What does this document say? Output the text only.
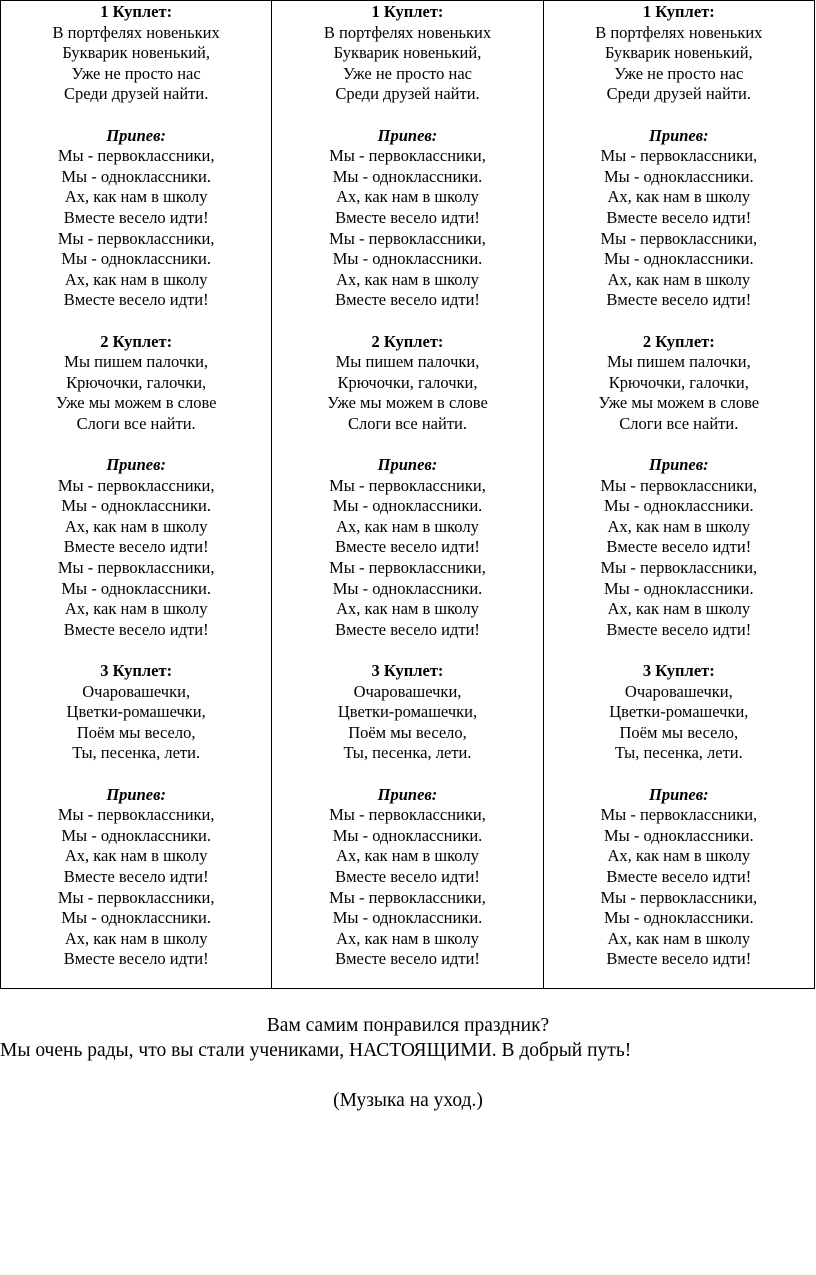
1 Куплет:
В портфелях новеньких
Букварик новенький,
Уже не просто нас
Среди друзей найти.
Припев:
Мы - первоклассники,
Мы - одноклассники.
Ах, как нам в школу
Вместе весело идти!
Мы - первоклассники,
Мы - одноклассники.
Ах, как нам в школу
Вместе весело идти!
2 Куплет:
Мы пишем палочки,
Крючочки, галочки,
Уже мы можем в слове
Слоги все найти.
Припев:
Мы - первоклассники,
Мы - одноклассники.
Ах, как нам в школу
Вместе весело идти!
Мы - первоклассники,
Мы - одноклассники.
Ах, как нам в школу
Вместе весело идти!
3 Куплет:
Очаровашечки,
Цветки-ромашечки,
Поём мы весело,
Ты, песенка, лети.
Припев:
Мы - первоклассники,
Мы - одноклассники.
Ах, как нам в школу
Вместе весело идти!
Мы - первоклассники,
Мы - одноклассники.
Ах, как нам в школу
Вместе весело идти!
1 Куплет:
В портфелях новеньких
Букварик новенький,
Уже не просто нас
Среди друзей найти.
Припев:
Мы - первоклассники,
Мы - одноклассники.
Ах, как нам в школу
Вместе весело идти!
Мы - первоклассники,
Мы - одноклассники.
Ах, как нам в школу
Вместе весело идти!
2 Куплет:
Мы пишем палочки,
Крючочки, галочки,
Уже мы можем в слове
Слоги все найти.
Припев:
Мы - первоклассники,
Мы - одноклассники.
Ах, как нам в школу
Вместе весело идти!
Мы - первоклассники,
Мы - одноклассники.
Ах, как нам в школу
Вместе весело идти!
3 Куплет:
Очаровашечки,
Цветки-ромашечки,
Поём мы весело,
Ты, песенка, лети.
Припев:
Мы - первоклассники,
Мы - одноклассники.
Ах, как нам в школу
Вместе весело идти!
Мы - первоклассники,
Мы - одноклассники.
Ах, как нам в школу
Вместе весело идти!
1 Куплет:
В портфелях новеньких
Букварик новенький,
Уже не просто нас
Среди друзей найти.
Припев:
Мы - первоклассники,
Мы - одноклассники.
Ах, как нам в школу
Вместе весело идти!
Мы - первоклассники,
Мы - одноклассники.
Ах, как нам в школу
Вместе весело идти!
2 Куплет:
Мы пишем палочки,
Крючочки, галочки,
Уже мы можем в слове
Слоги все найти.
Припев:
Мы - первоклассники,
Мы - одноклассники.
Ах, как нам в школу
Вместе весело идти!
Мы - первоклассники,
Мы - одноклассники.
Ах, как нам в школу
Вместе весело идти!
3 Куплет:
Очаровашечки,
Цветки-ромашечки,
Поём мы весело,
Ты, песенка, лети.
Припев:
Мы - первоклассники,
Мы - одноклассники.
Ах, как нам в школу
Вместе весело идти!
Мы - первоклассники,
Мы - одноклассники.
Ах, как нам в школу
Вместе весело идти!
Вам самим понравился праздник?
Мы очень рады, что вы стали учениками, НАСТОЯЩИМИ. В добрый путь!
(Музыка на уход.)
